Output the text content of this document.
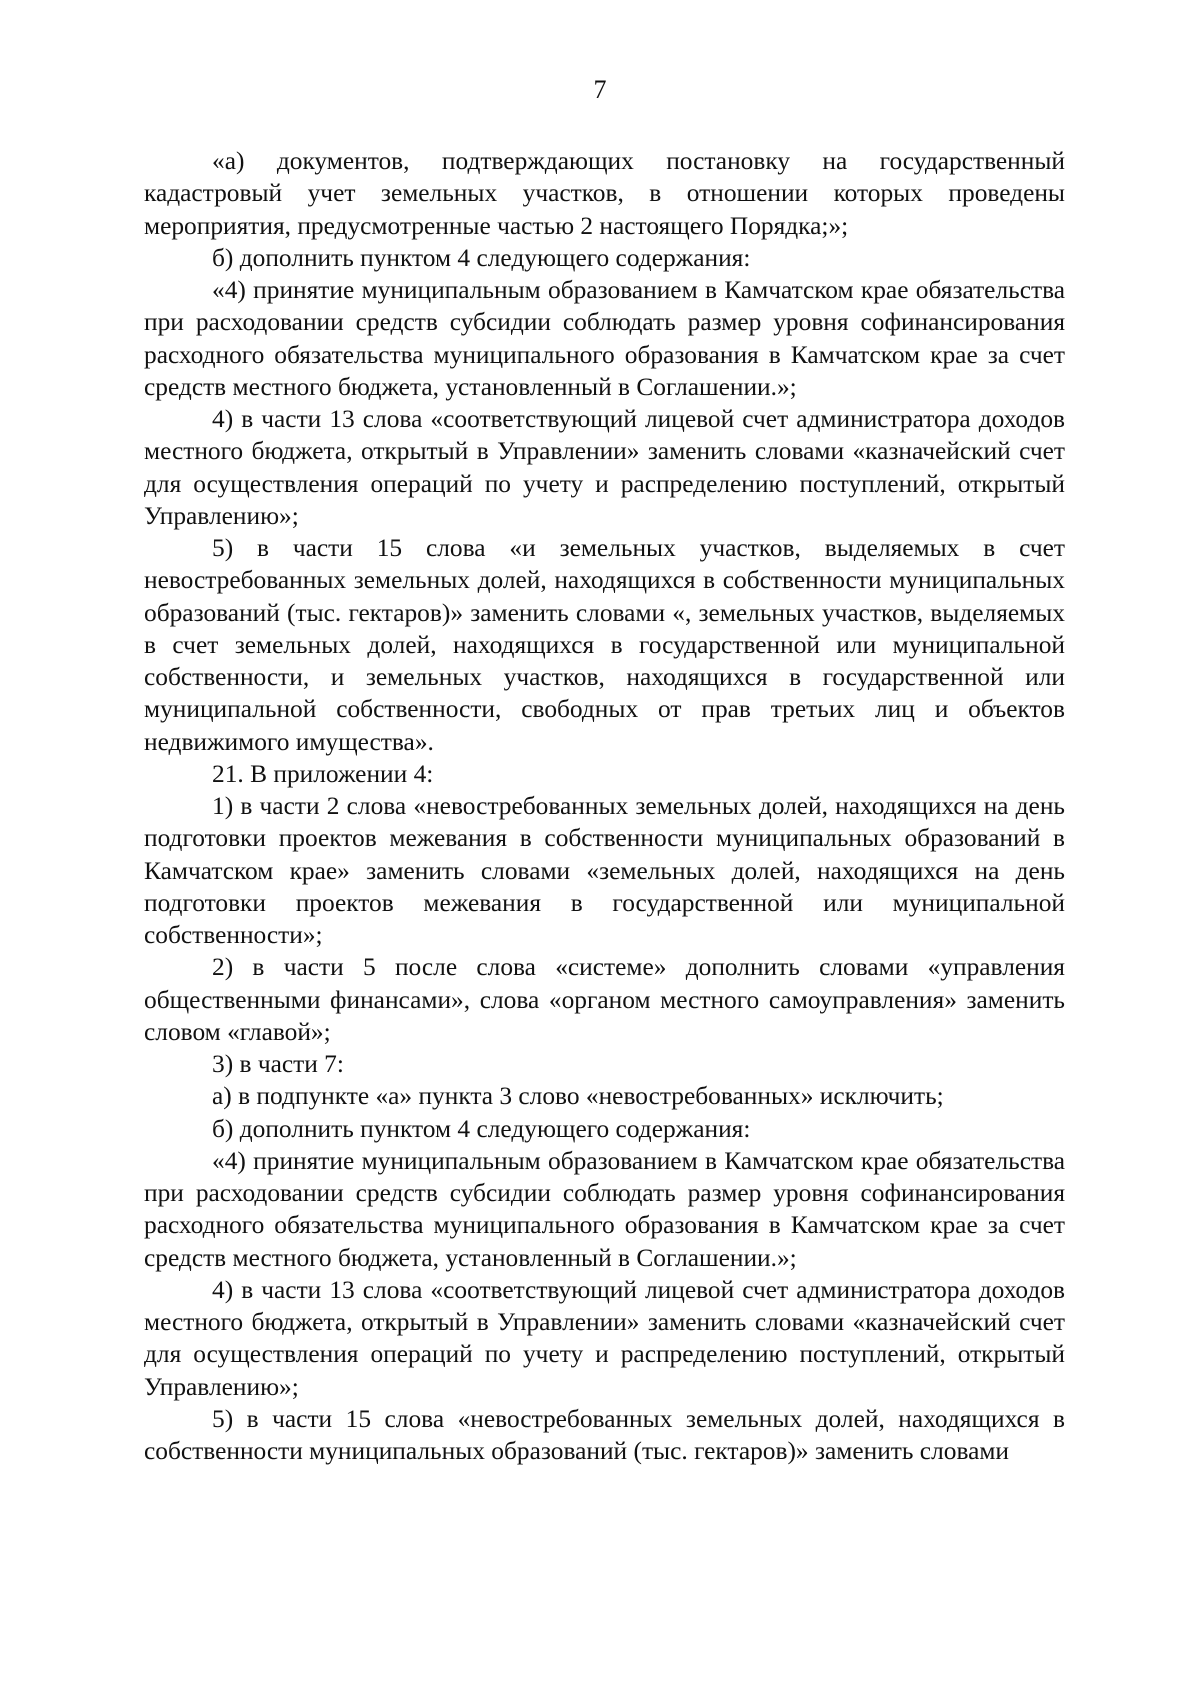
7

«а) документов, подтверждающих постановку на государственный кадастровый учет земельных участков, в отношении которых проведены мероприятия, предусмотренные частью 2 настоящего Порядка;»;

б) дополнить пунктом 4 следующего содержания:

«4) принятие муниципальным образованием в Камчатском крае обязательства при расходовании средств субсидии соблюдать размер уровня софинансирования расходного обязательства муниципального образования в Камчатском крае за счет средств местного бюджета, установленный в Соглашении.»;

4) в части 13 слова «соответствующий лицевой счет администратора доходов местного бюджета, открытый в Управлении» заменить словами «казначейский счет для осуществления операций по учету и распределению поступлений, открытый Управлению»;

5) в части 15 слова «и земельных участков, выделяемых в счет невостребованных земельных долей, находящихся в собственности муниципальных образований (тыс. гектаров)» заменить словами «, земельных участков, выделяемых в счет земельных долей, находящихся в государственной или муниципальной собственности, и земельных участков, находящихся в государственной или муниципальной собственности, свободных от прав третьих лиц и объектов недвижимого имущества».

21. В приложении 4:

1) в части 2 слова «невостребованных земельных долей, находящихся на день подготовки проектов межевания в собственности муниципальных образований в Камчатском крае» заменить словами «земельных долей, находящихся на день подготовки проектов межевания в государственной или муниципальной собственности»;

2) в части 5 после слова «системе» дополнить словами «управления общественными финансами», слова «органом местного самоуправления» заменить словом «главой»;

3) в части 7:

а) в подпункте «а» пункта 3 слово «невостребованных» исключить;

б) дополнить пунктом 4 следующего содержания:

«4) принятие муниципальным образованием в Камчатском крае обязательства при расходовании средств субсидии соблюдать размер уровня софинансирования расходного обязательства муниципального образования в Камчатском крае за счет средств местного бюджета, установленный в Соглашении.»;

4) в части 13 слова «соответствующий лицевой счет администратора доходов местного бюджета, открытый в Управлении» заменить словами «казначейский счет для осуществления операций по учету и распределению поступлений, открытый Управлению»;

5) в части 15 слова «невостребованных земельных долей, находящихся в собственности муниципальных образований (тыс. гектаров)» заменить словами
